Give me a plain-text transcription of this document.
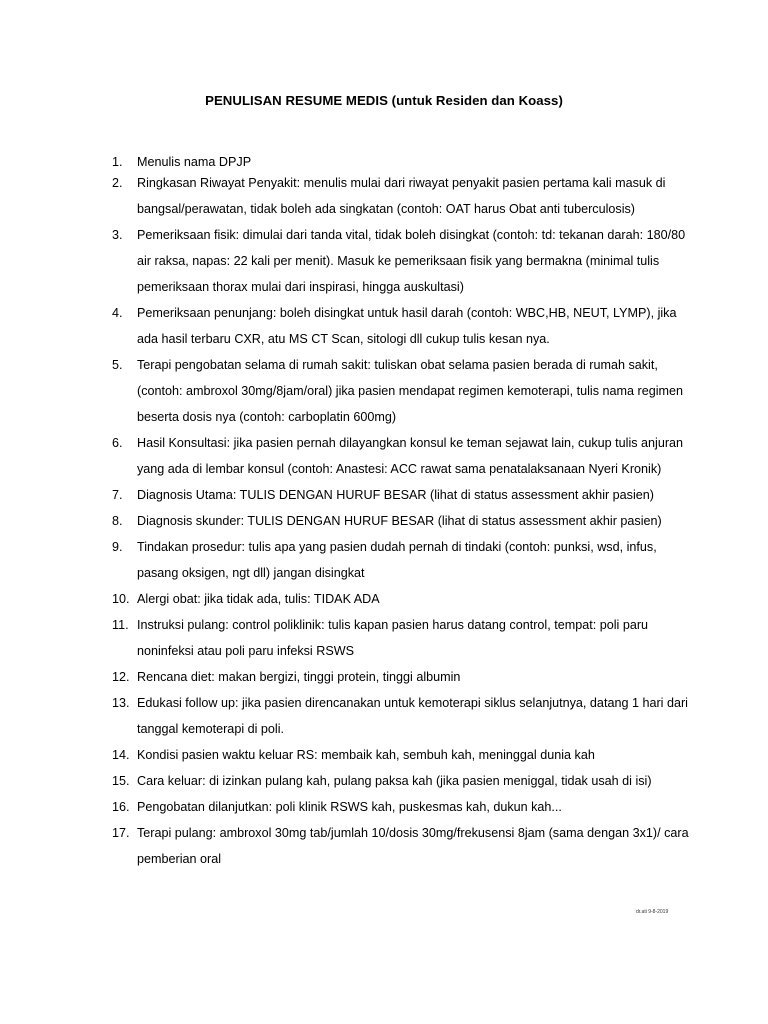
PENULISAN RESUME MEDIS (untuk Residen dan Koass)
1.	Menulis nama DPJP
2.	Ringkasan Riwayat Penyakit: menulis mulai dari riwayat penyakit pasien pertama kali masuk di bangsal/perawatan, tidak boleh ada singkatan (contoh: OAT harus Obat anti tuberculosis)
3.	Pemeriksaan fisik: dimulai dari tanda vital, tidak boleh disingkat (contoh: td: tekanan darah: 180/80 air raksa, napas: 22 kali per menit). Masuk ke pemeriksaan fisik yang bermakna (minimal tulis pemeriksaan thorax mulai dari inspirasi, hingga auskultasi)
4.	Pemeriksaan penunjang: boleh disingkat untuk hasil darah (contoh: WBC,HB, NEUT, LYMP), jika ada hasil terbaru CXR, atu MS CT Scan, sitologi dll cukup tulis kesan nya.
5.	Terapi pengobatan selama di rumah sakit: tuliskan obat selama pasien berada di rumah sakit, (contoh: ambroxol 30mg/8jam/oral) jika pasien mendapat regimen kemoterapi, tulis nama regimen beserta dosis nya (contoh: carboplatin 600mg)
6.	Hasil Konsultasi: jika pasien pernah dilayangkan konsul ke teman sejawat lain, cukup tulis anjuran yang ada di lembar konsul (contoh: Anastesi: ACC rawat sama penatalaksanaan Nyeri Kronik)
7.	Diagnosis Utama: TULIS DENGAN HURUF BESAR (lihat di status assessment akhir pasien)
8.	Diagnosis skunder: TULIS DENGAN HURUF BESAR (lihat di status assessment akhir pasien)
9.	Tindakan prosedur: tulis apa yang pasien dudah pernah di tindaki (contoh: punksi, wsd, infus, pasang oksigen, ngt dll) jangan disingkat
10. Alergi obat: jika tidak ada, tulis: TIDAK ADA
11. Instruksi pulang: control poliklinik: tulis kapan pasien harus datang control, tempat: poli paru noninfeksi atau poli paru infeksi RSWS
12. Rencana diet: makan bergizi, tinggi protein, tinggi albumin
13. Edukasi follow up: jika pasien direncanakan untuk kemoterapi siklus selanjutnya, datang 1 hari dari tanggal kemoterapi di poli.
14. Kondisi pasien waktu keluar RS: membaik kah, sembuh kah, meninggal dunia kah
15. Cara keluar: di izinkan pulang kah, pulang paksa kah (jika pasien meniggal, tidak usah di isi)
16. Pengobatan dilanjutkan: poli klinik RSWS kah, puskesmas kah, dukun kah...
17. Terapi pulang: ambroxol 30mg tab/jumlah 10/dosis 30mg/frekusensi 8jam (sama dengan 3x1)/ cara pemberian oral
dr.ati 9-8-2019
